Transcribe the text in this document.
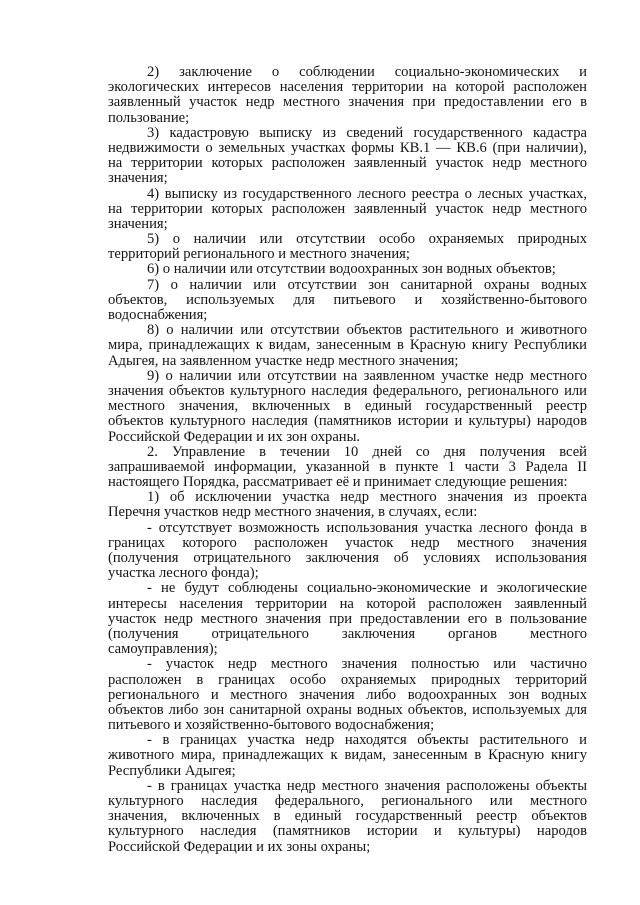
2) заключение о соблюдении социально-экономических и
экологических интересов населения территории на которой расположен
заявленный участок недр местного значения при предоставлении его в
пользование;
3) кадастровую выписку из сведений государственного кадастра
недвижимости о земельных участках формы КВ.1 — КВ.6 (при наличии),
на территории которых расположен заявленный участок недр местного
значения;
4) выписку из государственного лесного реестра о лесных участках,
на территории которых расположен заявленный участок недр местного
значения;
5) о наличии или отсутствии особо охраняемых природных
территорий регионального и местного значения;
6) о наличии или отсутствии водоохранных зон водных объектов;
7) о наличии или отсутствии зон санитарной охраны водных
объектов, используемых для питьевого и хозяйственно-бытового
водоснабжения;
8) о наличии или отсутствии объектов растительного и животного
мира, принадлежащих к видам, занесенным в Красную книгу Республики
Адыгея, на заявленном участке недр местного значения;
9) о наличии или отсутствии на заявленном участке недр местного
значения объектов культурного наследия федерального, регионального или
местного значения, включенных в единый государственный реестр
объектов культурного наследия (памятников истории и культуры) народов
Российской Федерации и их зон охраны.
2. Управление в течении 10 дней со дня получения всей
запрашиваемой информации, указанной в пункте 1 части 3 Радела II
настоящего Порядка, рассматривает её и принимает следующие решения:
1) об исключении участка недр местного значения из проекта
Перечня участков недр местного значения, в случаях, если:
- отсутствует возможность использования участка лесного фонда в
границах которого расположен участок недр местного значения
(получения отрицательного заключения об условиях использования
участка лесного фонда);
- не будут соблюдены социально-экономические и экологические
интересы населения территории на которой расположен заявленный
участок недр местного значения при предоставлении его в пользование
(получения отрицательного заключения органов местного
самоуправления);
- участок недр местного значения полностью или частично
расположен в границах особо охраняемых природных территорий
регионального и местного значения либо водоохранных зон водных
объектов либо зон санитарной охраны водных объектов, используемых для
питьевого и хозяйственно-бытового водоснабжения;
- в границах участка недр находятся объекты растительного и
животного мира, принадлежащих к видам, занесенным в Красную книгу
Республики Адыгея;
- в границах участка недр местного значения расположены объекты
культурного наследия федерального, регионального или местного
значения, включенных в единый государственный реестр объектов
культурного наследия (памятников истории и культуры) народов
Российской Федерации и их зоны охраны;
